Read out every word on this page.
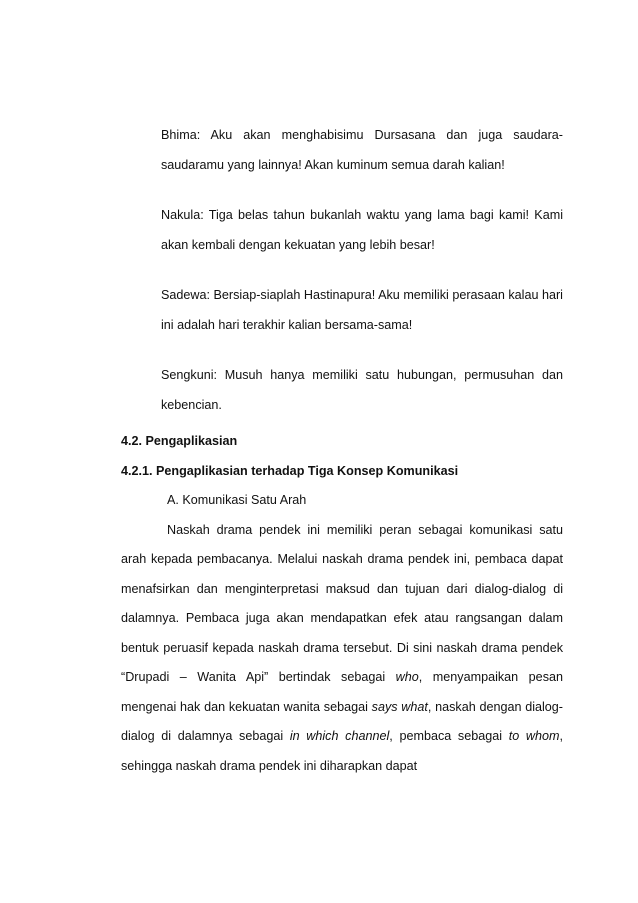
Bhima: Aku akan menghabisimu Dursasana dan juga saudara-saudaramu yang lainnya! Akan kuminum semua darah kalian!

Nakula: Tiga belas tahun bukanlah waktu yang lama bagi kami! Kami akan kembali dengan kekuatan yang lebih besar!

Sadewa: Bersiap-siaplah Hastinapura! Aku memiliki perasaan kalau hari ini adalah hari terakhir kalian bersama-sama!

Sengkuni: Musuh hanya memiliki satu hubungan, permusuhan dan kebencian.

4.2. Pengaplikasian

4.2.1. Pengaplikasian terhadap Tiga Konsep Komunikasi

A. Komunikasi Satu Arah

Naskah drama pendek ini memiliki peran sebagai komunikasi satu arah kepada pembacanya. Melalui naskah drama pendek ini, pembaca dapat menafsirkan dan menginterpretasi maksud dan tujuan dari dialog-dialog di dalamnya. Pembaca juga akan mendapatkan efek atau rangsangan dalam bentuk peruasif kepada naskah drama tersebut. Di sini naskah drama pendek “Drupadi – Wanita Api” bertindak sebagai who, menyampaikan pesan mengenai hak dan kekuatan wanita sebagai says what, naskah dengan dialog-dialog di dalamnya sebagai in which channel, pembaca sebagai to whom, sehingga naskah drama pendek ini diharapkan dapat
